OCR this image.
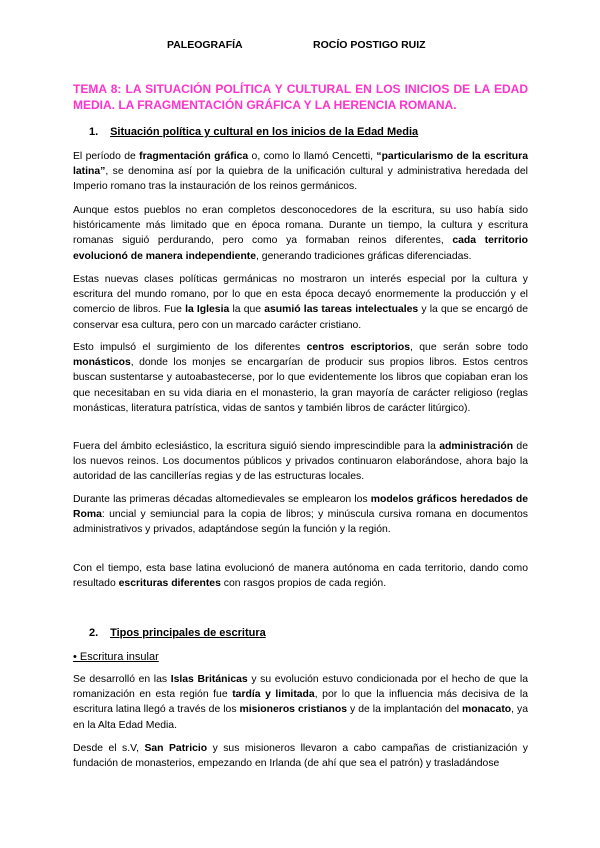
PALEOGRAFÍA	ROCÍO POSTIGO RUIZ
TEMA 8: LA SITUACIÓN POLÍTICA Y CULTURAL EN LOS INICIOS DE LA EDAD MEDIA. LA FRAGMENTACIÓN GRÁFICA Y LA HERENCIA ROMANA.
1. Situación política y cultural en los inicios de la Edad Media

El período de fragmentación gráfica o, como lo llamó Cencetti, “particularismo de la escritura latina”, se denomina así por la quiebra de la unificación cultural y administrativa heredada del Imperio romano tras la instauración de los reinos germánicos.

Aunque estos pueblos no eran completos desconocedores de la escritura, su uso había sido históricamente más limitado que en época romana. Durante un tiempo, la cultura y escritura romanas siguió perdurando, pero como ya formaban reinos diferentes, cada territorio evolucionó de manera independiente, generando tradiciones gráficas diferenciadas.

Estas nuevas clases políticas germánicas no mostraron un interés especial por la cultura y escritura del mundo romano, por lo que en esta época decayó enormemente la producción y el comercio de libros. Fue la Iglesia la que asumió las tareas intelectuales y la que se encargó de conservar esa cultura, pero con un marcado carácter cristiano.

Esto impulsó el surgimiento de los diferentes centros escriptorios, que serán sobre todo monásticos, donde los monjes se encargarían de producir sus propios libros. Estos centros buscan sustentarse y autoabastecerse, por lo que evidentemente los libros que copiaban eran los que necesitaban en su vida diaria en el monasterio, la gran mayoría de carácter religioso (reglas monásticas, literatura patrística, vidas de santos y también libros de carácter litúrgico).

Fuera del ámbito eclesiástico, la escritura siguió siendo imprescindible para la administración de los nuevos reinos. Los documentos públicos y privados continuaron elaborándose, ahora bajo la autoridad de las cancillerías regias y de las estructuras locales.

Durante las primeras décadas altomedievales se emplearon los modelos gráficos heredados de Roma: uncial y semiuncial para la copia de libros; y minúscula cursiva romana en documentos administrativos y privados, adaptándose según la función y la región.

Con el tiempo, esta base latina evolucionó de manera autónoma en cada territorio, dando como resultado escrituras diferentes con rasgos propios de cada región.

2. Tipos principales de escritura
• Escritura insular

Se desarrolló en las Islas Británicas y su evolución estuvo condicionada por el hecho de que la romanización en esta región fue tardía y limitada, por lo que la influencia más decisiva de la escritura latina llegó a través de los misioneros cristianos y de la implantación del monacato, ya en la Alta Edad Media.

Desde el s.V, San Patricio y sus misioneros llevaron a cabo campañas de cristianización y fundación de monasterios, empezando en Irlanda (de ahí que sea el patrón) y trasladándose
